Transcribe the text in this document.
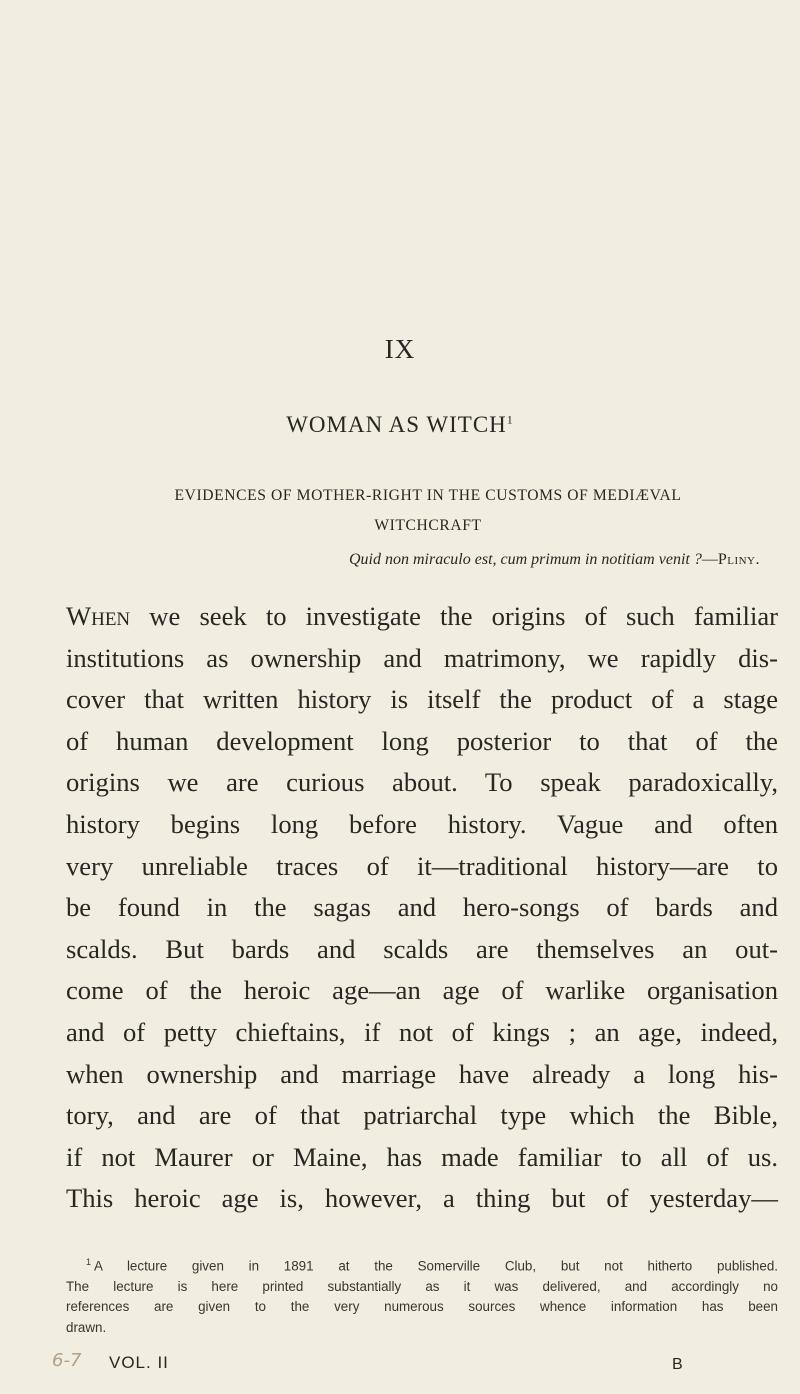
IX
WOMAN AS WITCH$^1$
EVIDENCES OF MOTHER-RIGHT IN THE CUSTOMS OF MEDIÆVAL
WITCHCRAFT
Quid non miraculo est, cum primum in notitiam venit ?—Pliny.
When we seek to investigate the origins of such familiar
institutions as ownership and matrimony, we rapidly dis-
cover that written history is itself the product of a stage
of human development long posterior to that of the
origins we are curious about. To speak paradoxically,
history begins long before history. Vague and often
very unreliable traces of it—traditional history—are to
be found in the sagas and hero-songs of bards and
scalds. But bards and scalds are themselves an out-
come of the heroic age—an age of warlike organisation
and of petty chieftains, if not of kings ; an age, indeed,
when ownership and marriage have already a long his-
tory, and are of that patriarchal type which the Bible,
if not Maurer or Maine, has made familiar to all of us.
This heroic age is, however, a thing but of yesterday—
$^1$ A lecture given in 1891 at the Somerville Club, but not hitherto published.
The lecture is here printed substantially as it was delivered, and accordingly no
references are given to the very numerous sources whence information has been
drawn.
6-7 VOL. II	B
